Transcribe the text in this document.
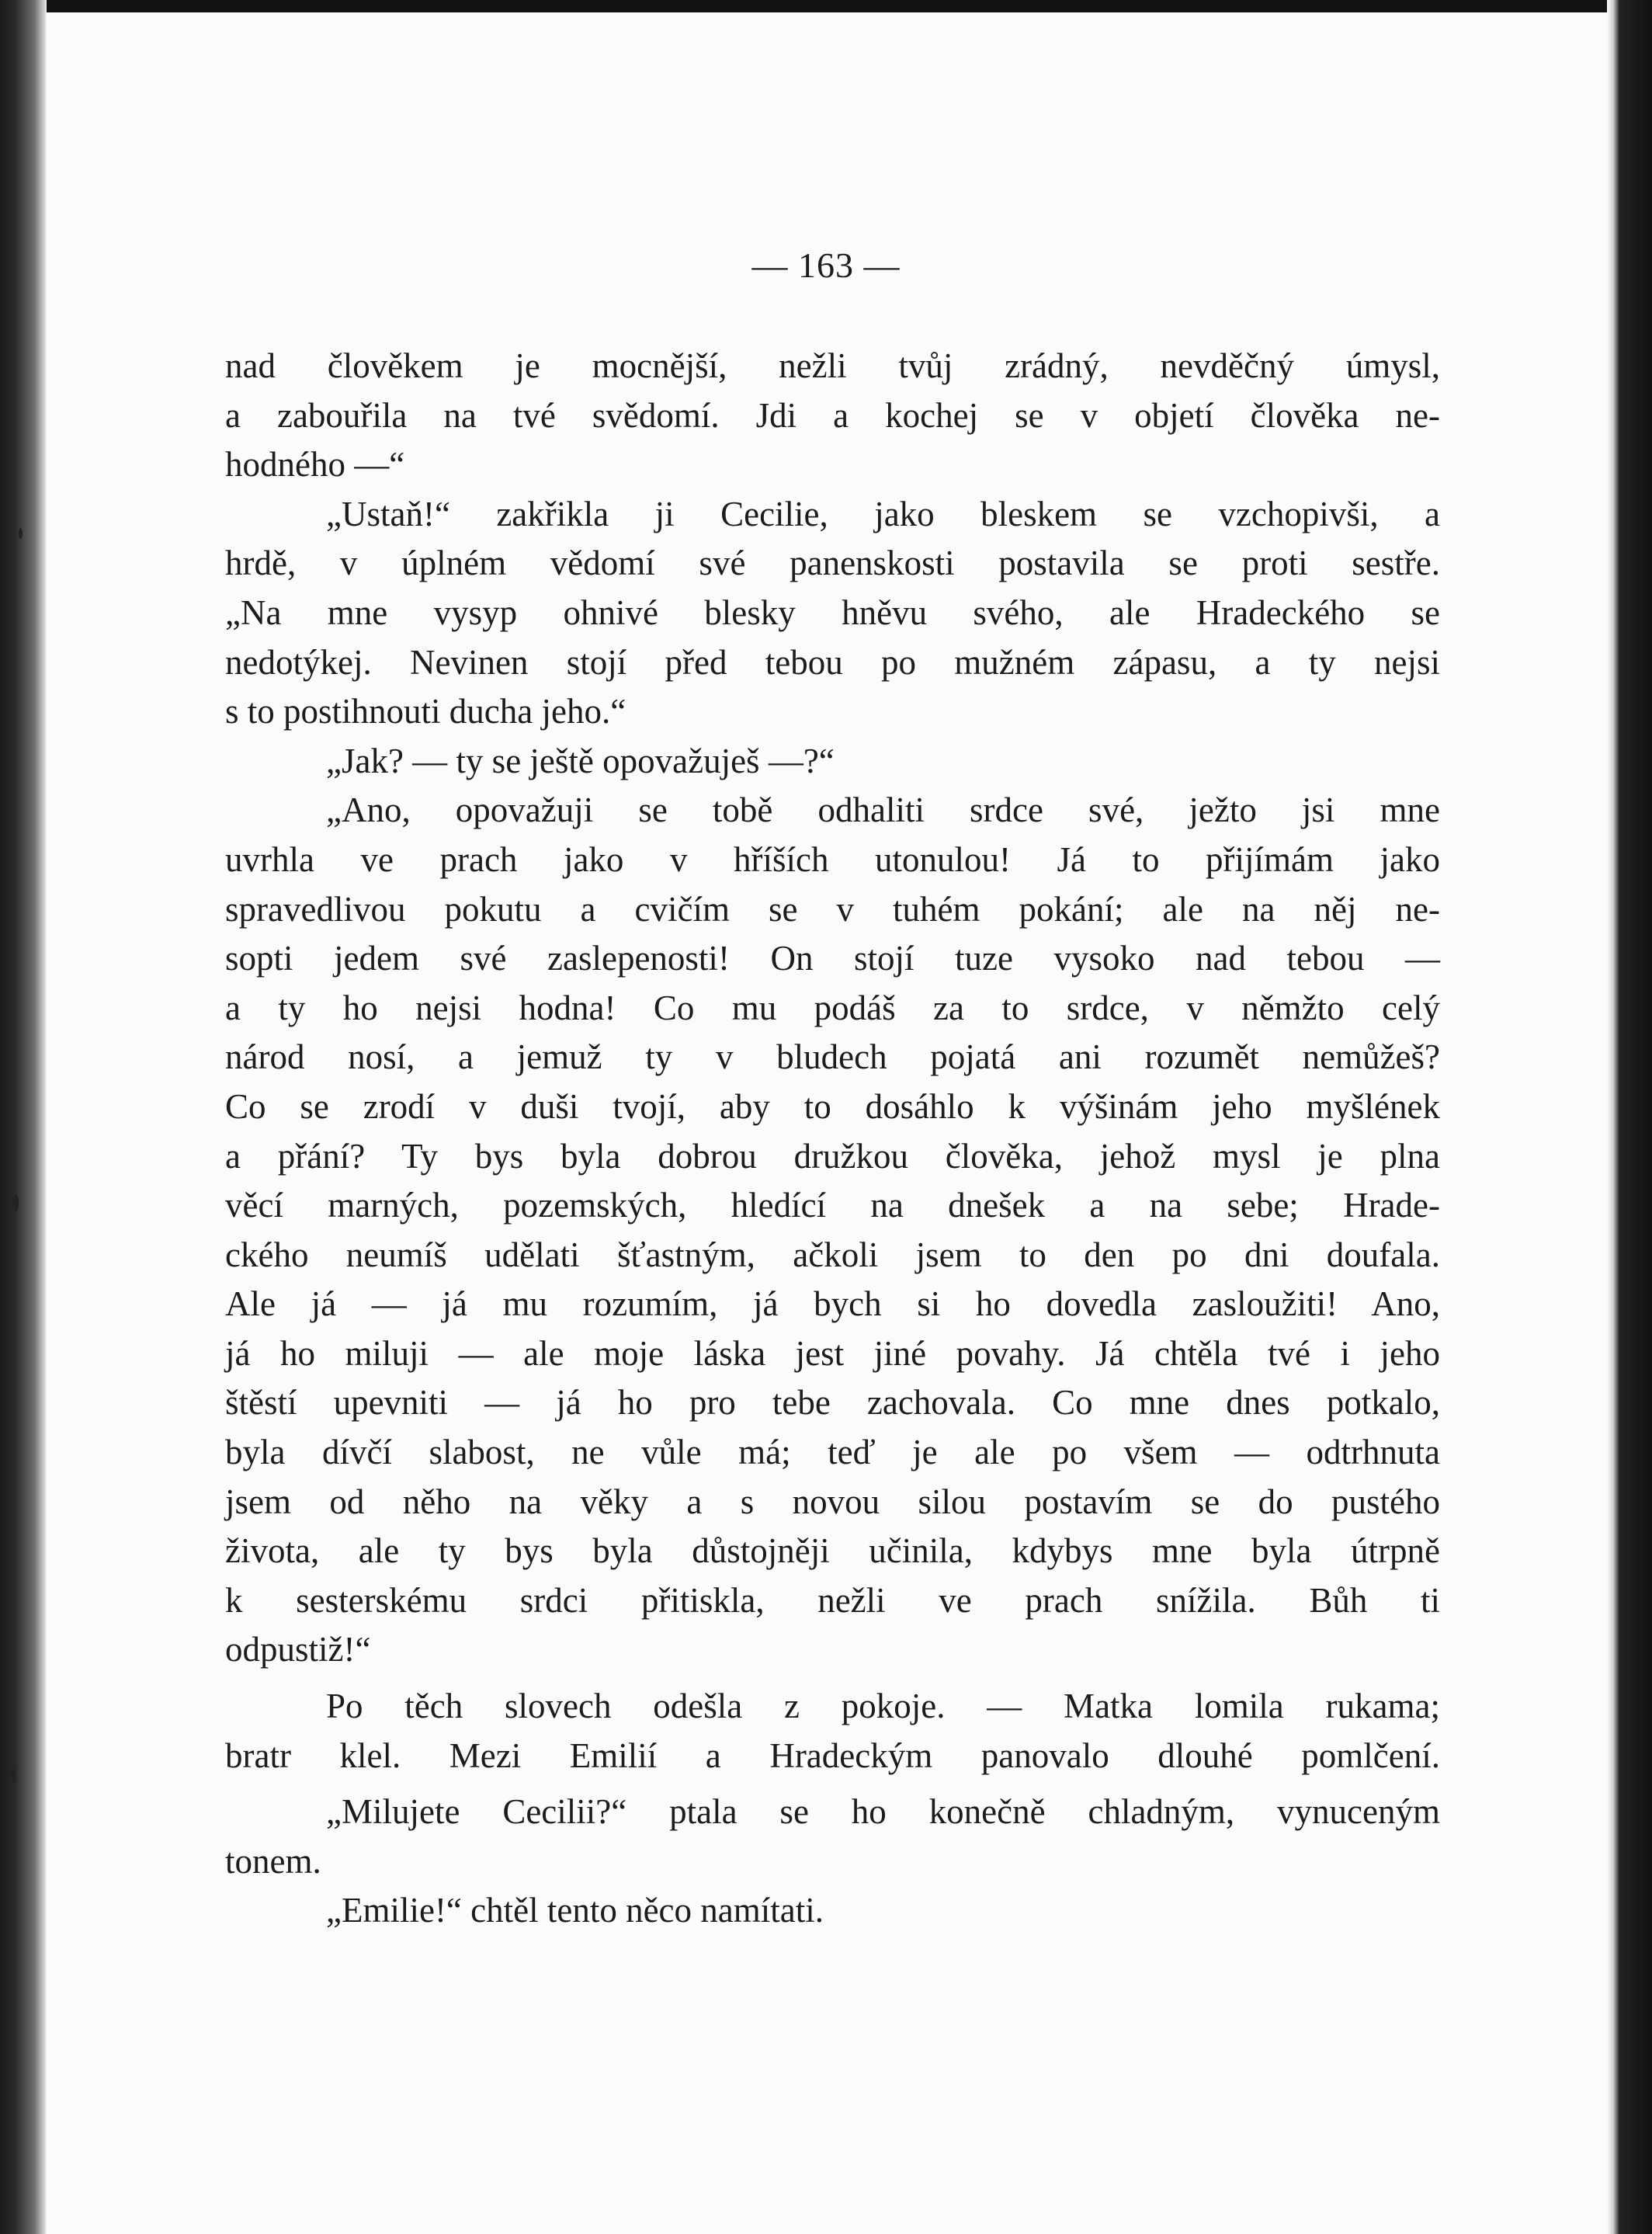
— 163 —
nad člověkem je mocnější, nežli tvůj zrádný, nevděčný úmysl,
a zabouřila na tvé svědomí. Jdi a kochej se v objetí člověka ne-
hodného —“
„Ustaň!“ zakřikla ji Cecilie, jako bleskem se vzchopivši, a
hrdě, v úplném vědomí své panenskosti postavila se proti sestře.
„Na mne vysyp ohnivé blesky hněvu svého, ale Hradeckého se
nedotýkej. Nevinen stojí před tebou po mužném zápasu, a ty nejsi
s to postihnouti ducha jeho.“
„Jak? — ty se ještě opovažuješ —?“
„Ano, opovažuji se tobě odhaliti srdce své, ježto jsi mne
uvrhla ve prach jako v hříších utonulou! Já to přijímám jako
spravedlivou pokutu a cvičím se v tuhém pokání; ale na něj ne-
sopti jedem své zaslepenosti! On stojí tuze vysoko nad tebou —
a ty ho nejsi hodna! Co mu podáš za to srdce, v němžto celý
národ nosí, a jemuž ty v bludech pojatá ani rozumět nemůžeš?
Co se zrodí v duši tvojí, aby to dosáhlo k výšinám jeho myšlének
a přání? Ty bys byla dobrou družkou člověka, jehož mysl je plna
věcí marných, pozemských, hledící na dnešek a na sebe; Hrade-
ckého neumíš udělati šťastným, ačkoli jsem to den po dni doufala.
Ale já — já mu rozumím, já bych si ho dovedla zasloužiti! Ano,
já ho miluji — ale moje láska jest jiné povahy. Já chtěla tvé i jeho
štěstí upevniti — já ho pro tebe zachovala. Co mne dnes potkalo,
byla dívčí slabost, ne vůle má; teď je ale po všem — odtrhnuta
jsem od něho na věky a s novou silou postavím se do pustého
života, ale ty bys byla důstojněji učinila, kdybys mne byla útrpně
k sesterskému srdci přitiskla, nežli ve prach snížila. Bůh ti
odpustiž!“
Po těch slovech odešla z pokoje. — Matka lomila rukama;
bratr klel. Mezi Emilií a Hradeckým panovalo dlouhé pomlčení.
„Milujete Cecilii?“ ptala se ho konečně chladným, vynuceným
tonem.
„Emilie!“ chtěl tento něco namítati.
